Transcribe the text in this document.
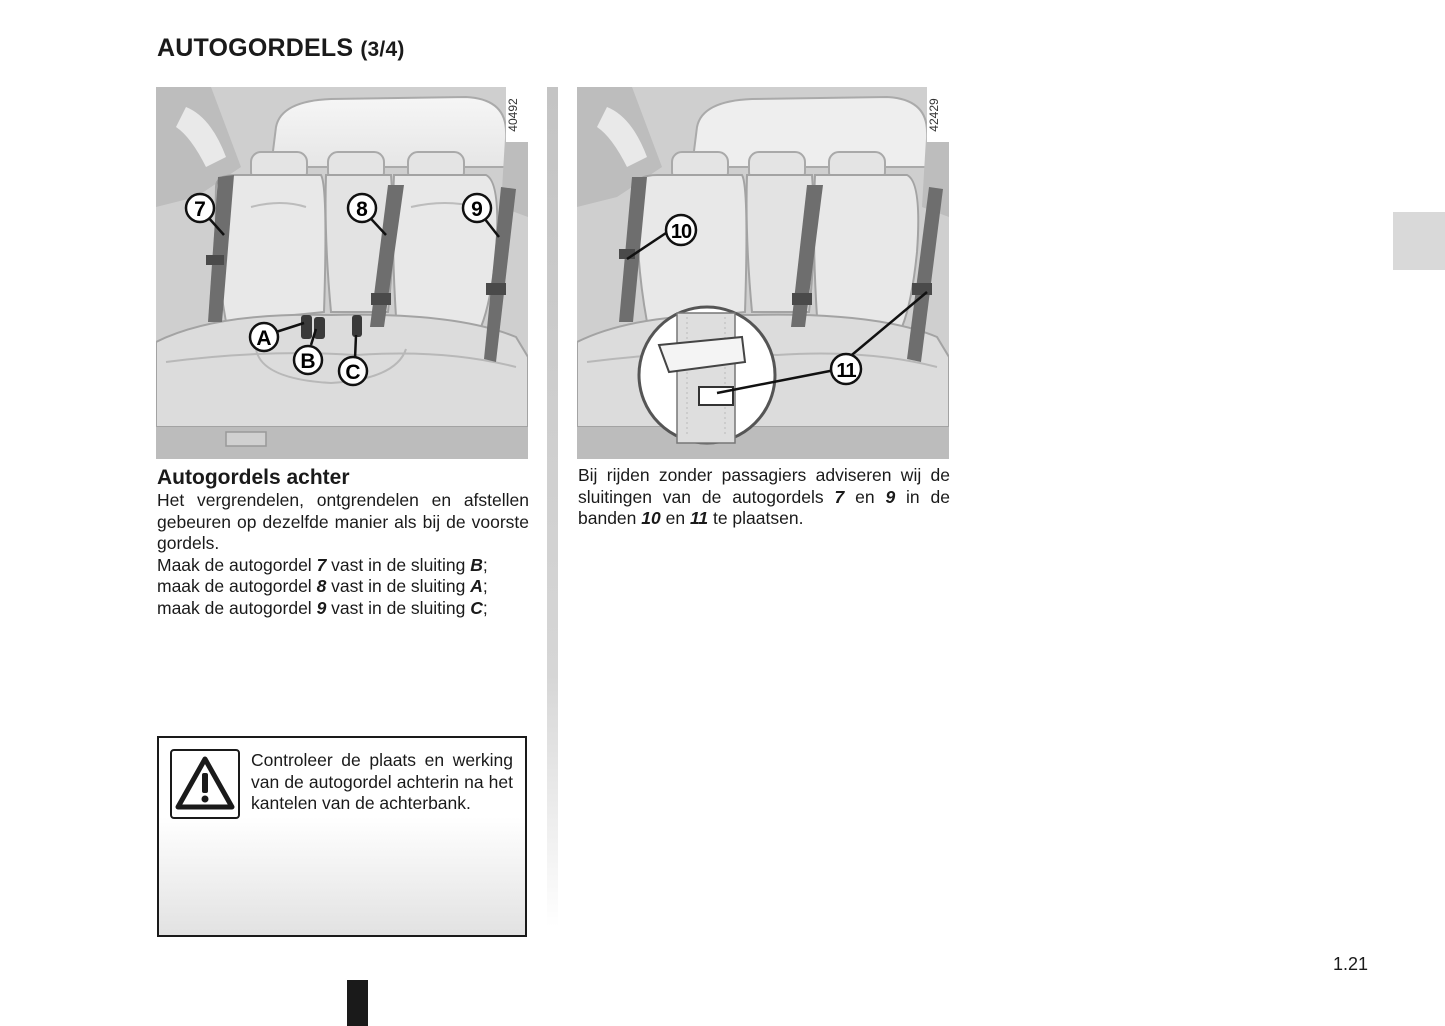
AUTOGORDELS (3/4)
40492
7	8	9
A
B C
42429
10
11
Autogordels achter

Het vergrendelen, ontgrendelen en afstellen gebeuren op dezelfde manier als bij de voorste gordels.

Maak de autogordel 7 vast in de sluiting B;

maak de autogordel 8 vast in de sluiting A;

maak de autogordel 9 vast in de sluiting C;

Bij rijden zonder passagiers adviseren wij de sluitingen van de autogordels 7 en 9 in de banden 10 en 11 te plaatsen.

Controleer de plaats en werking van de autogordel achterin na het kantelen van de achterbank.
1.21
